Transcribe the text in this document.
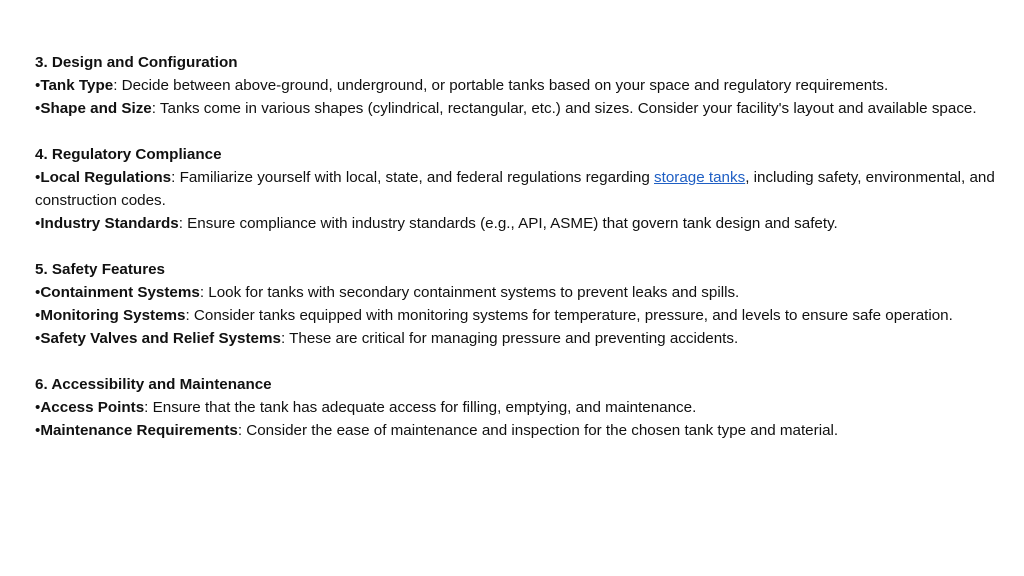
3. Design and Configuration
•Tank Type: Decide between above-ground, underground, or portable tanks based on your space and regulatory requirements.
•Shape and Size: Tanks come in various shapes (cylindrical, rectangular, etc.) and sizes. Consider your facility's layout and available space.
4. Regulatory Compliance
•Local Regulations: Familiarize yourself with local, state, and federal regulations regarding storage tanks, including safety, environmental, and construction codes.
•Industry Standards: Ensure compliance with industry standards (e.g., API, ASME) that govern tank design and safety.
5. Safety Features
•Containment Systems: Look for tanks with secondary containment systems to prevent leaks and spills.
•Monitoring Systems: Consider tanks equipped with monitoring systems for temperature, pressure, and levels to ensure safe operation.
•Safety Valves and Relief Systems: These are critical for managing pressure and preventing accidents.
6. Accessibility and Maintenance
•Access Points: Ensure that the tank has adequate access for filling, emptying, and maintenance.
•Maintenance Requirements: Consider the ease of maintenance and inspection for the chosen tank type and material.
